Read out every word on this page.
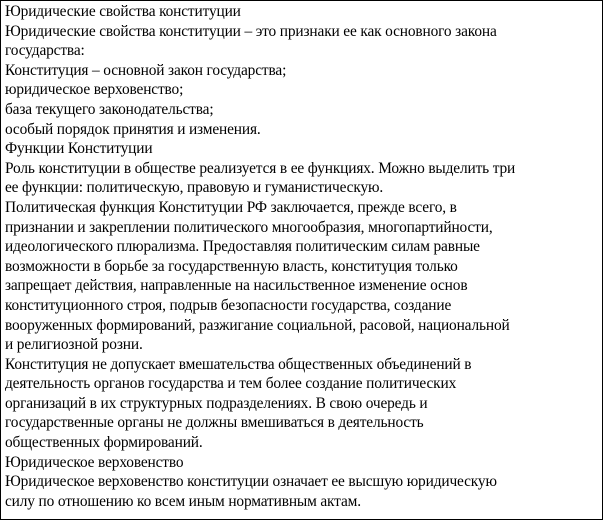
Юридические свойства конституции
Юридические свойства конституции – это признаки ее как основного закона
государства:
Конституция – основной закон государства;
юридическое верховенство;
база текущего законодательства;
особый порядок принятия и изменения.
Функции Конституции
Роль конституции в обществе реализуется в ее функциях. Можно выделить три
ее функции: политическую, правовую и гуманистическую.
Политическая функция Конституции РФ заключается, прежде всего, в
признании и закреплении политического многообразия, многопартийности,
идеологического плюрализма. Предоставляя политическим силам равные
возможности в борьбе за государственную власть, конституция только
запрещает действия, направленные на насильственное изменение основ
конституционного строя, подрыв безопасности государства, создание
вооруженных формирований, разжигание социальной, расовой, национальной
и религиозной розни.
Конституция не допускает вмешательства общественных объединений в
деятельность органов государства и тем более создание политических
организаций в их структурных подразделениях. В свою очередь и
государственные органы не должны вмешиваться в деятельность
общественных формирований.
Юридическое верховенство
Юридическое верховенство конституции означает ее высшую юридическую
силу по отношению ко всем иным нормативным актам.
